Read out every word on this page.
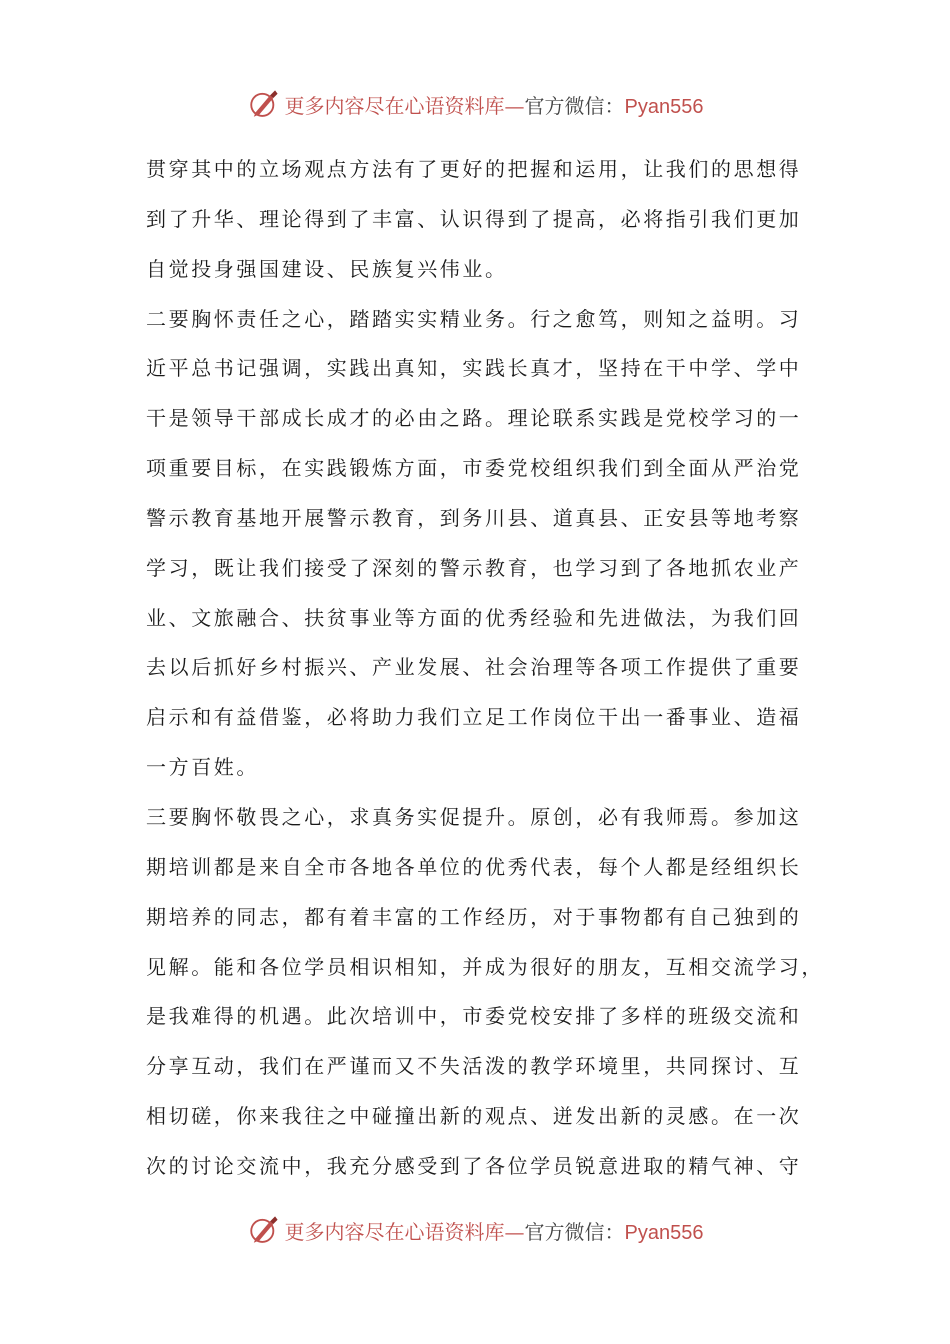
更多内容尽在心语资料库—官方微信：Pyan556
贯穿其中的立场观点方法有了更好的把握和运用，让我们的思想得
到了升华、理论得到了丰富、认识得到了提高，必将指引我们更加
自觉投身强国建设、民族复兴伟业。
二要胸怀责任之心，踏踏实实精业务。行之愈笃，则知之益明。习
近平总书记强调，实践出真知，实践长真才，坚持在干中学、学中
干是领导干部成长成才的必由之路。理论联系实践是党校学习的一
项重要目标，在实践锻炼方面，市委党校组织我们到全面从严治党
警示教育基地开展警示教育，到务川县、道真县、正安县等地考察
学习，既让我们接受了深刻的警示教育，也学习到了各地抓农业产
业、文旅融合、扶贫事业等方面的优秀经验和先进做法，为我们回
去以后抓好乡村振兴、产业发展、社会治理等各项工作提供了重要
启示和有益借鉴，必将助力我们立足工作岗位干出一番事业、造福
一方百姓。
三要胸怀敬畏之心，求真务实促提升。原创，必有我师焉。参加这
期培训都是来自全市各地各单位的优秀代表，每个人都是经组织长
期培养的同志，都有着丰富的工作经历，对于事物都有自己独到的
见解。能和各位学员相识相知，并成为很好的朋友，互相交流学习，
是我难得的机遇。此次培训中，市委党校安排了多样的班级交流和
分享互动，我们在严谨而又不失活泼的教学环境里，共同探讨、互
相切磋，你来我往之中碰撞出新的观点、迸发出新的灵感。在一次
次的讨论交流中，我充分感受到了各位学员锐意进取的精气神、守
更多内容尽在心语资料库—官方微信：Pyan556
